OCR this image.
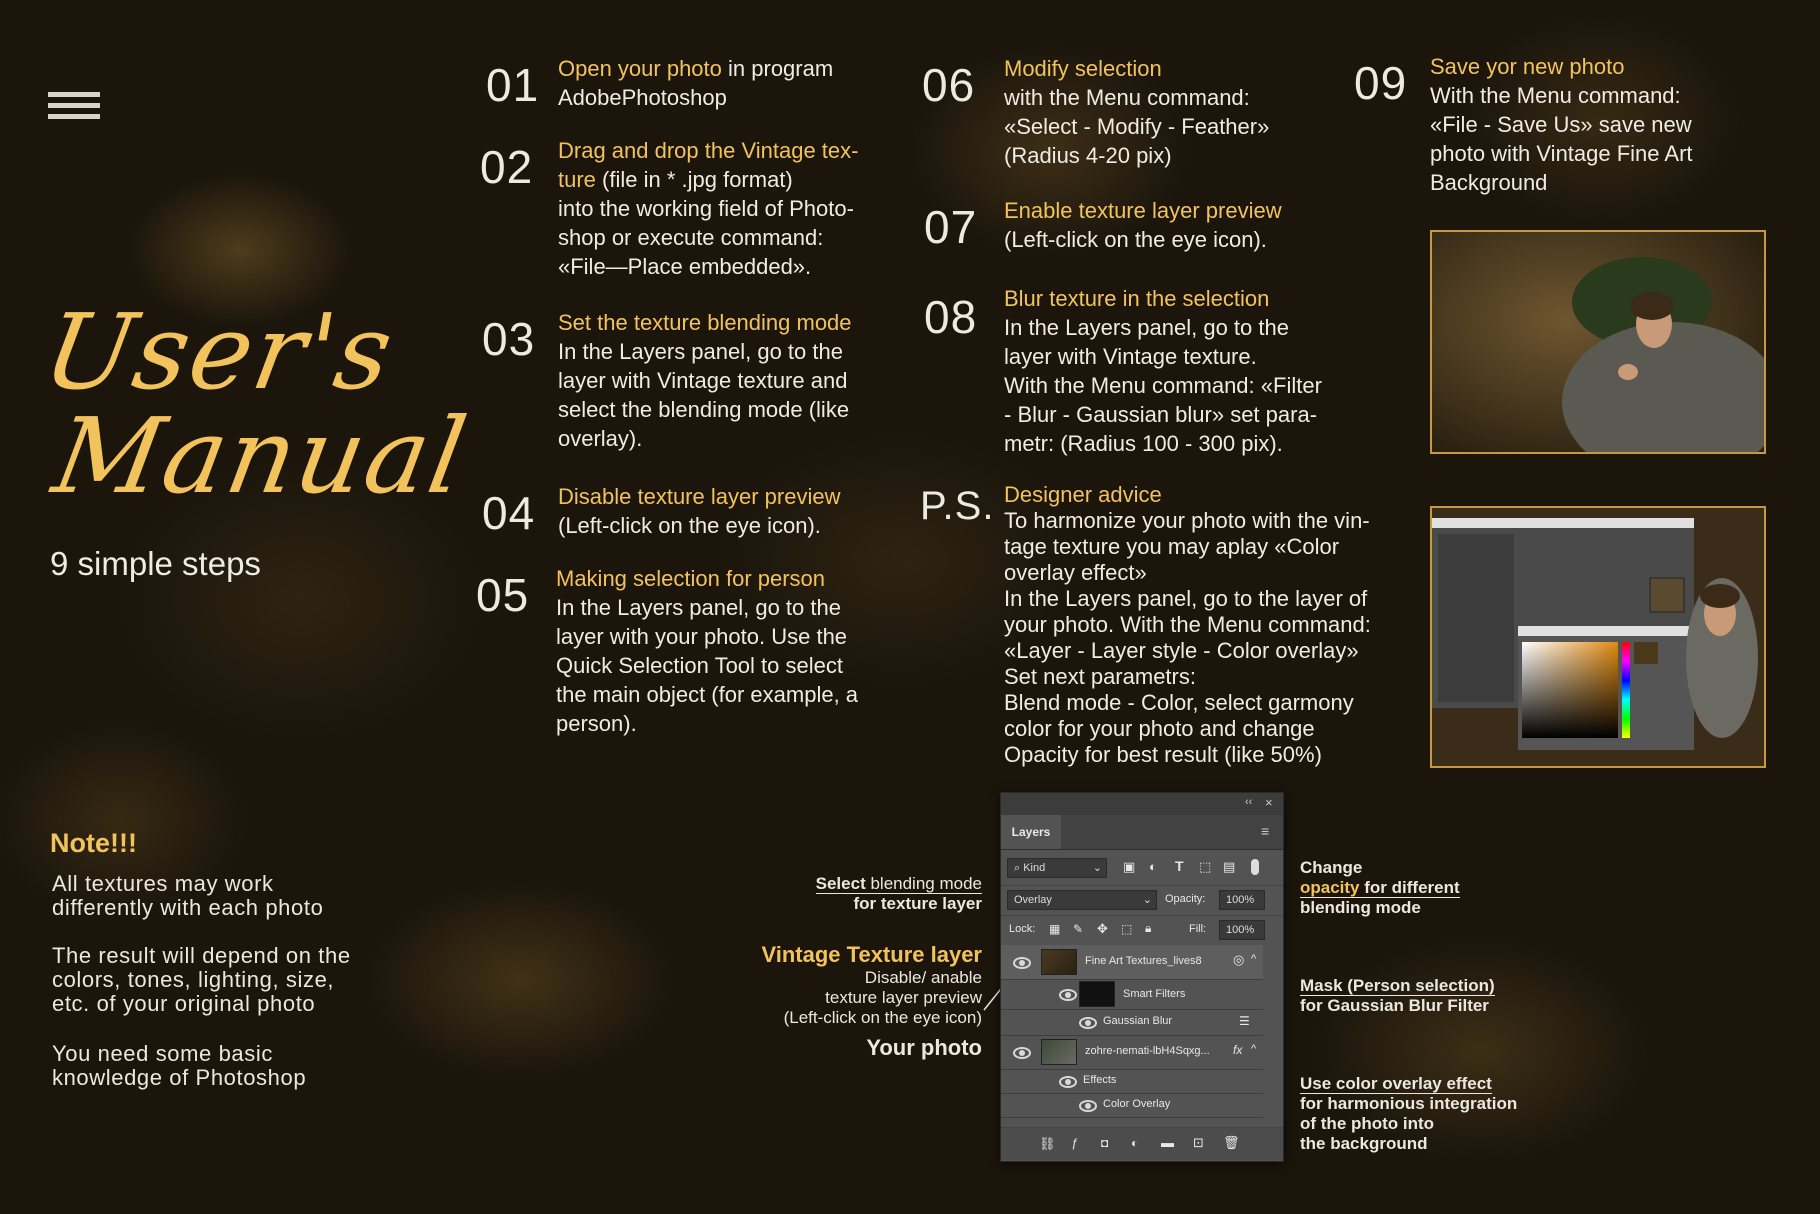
User's
Manual
9 simple steps
01 Open your photo in program
AdobePhotoshop
02 Drag and drop the Vintage tex-
ture (file in * .jpg format)
into the working field of Photo-
shop or execute command:
«File—Place embedded».
03 Set the texture blending mode
In the Layers panel, go to the
layer with Vintage texture and
select the blending mode (like
overlay).
04 Disable texture layer preview
(Left-click on the eye icon).
05 Making selection for person
In the Layers panel, go to the
layer with your photo. Use the
Quick Selection Tool to select
the main object (for example, a
person).
06 Modify selection
with the Menu command:
«Select - Modify - Feather»
(Radius 4-20 pix)
07 Enable texture layer preview
(Left-click on the eye icon).
08 Blur texture in the selection
In the Layers panel, go to the
layer with Vintage texture.
With the Menu command: «Filter
- Blur - Gaussian blur» set para-
metr: (Radius 100 - 300 pix).
P.S. Designer advice
To harmonize your photo with the vin-
tage texture you may aplay «Color
overlay effect»
In the Layers panel, go to the layer of
your photo. With the Menu command:
«Layer - Layer style - Color overlay»
Set next parametrs:
Blend mode - Color, select garmony
color for your photo and change
Opacity for best result (like 50%)
09 Save yor new photo
With the Menu command:
«File - Save Us» save new
photo with Vintage Fine Art
Background
Note!!!
All textures may work
differently with each photo
The result will depend on the
colors, tones, lighting, size,
etc. of your original photo
You need some basic
knowledge of Photoshop
Select blending mode
for texture layer
Vintage Texture layer
Disable/ anable
texture layer preview
(Left-click on the eye icon)
Your photo
‹‹ ×
Layers	≡
⌕ Kind	⌄ ▣ ◐ T ⬚ ▤
Overlay	⌄ Opacity:	100%
Lock: ▦ ✎ ✥ ⬚ 🔒︎	Fill:	100%
Fine Art Textures_lives8 ◎ ^
Smart Filters
Gaussian Blur	☰
zohre-nemati-lbH4Sqxg... fx ^
Effects
Color Overlay
⛓︎ ƒ ◘ ◐ ▬ ⊡ 🗑︎
Change
opacity for different
blending mode
Mask (Person selection)
for Gaussian Blur Filter
Use color overlay effect
for harmonious integration
of the photo into
the background
